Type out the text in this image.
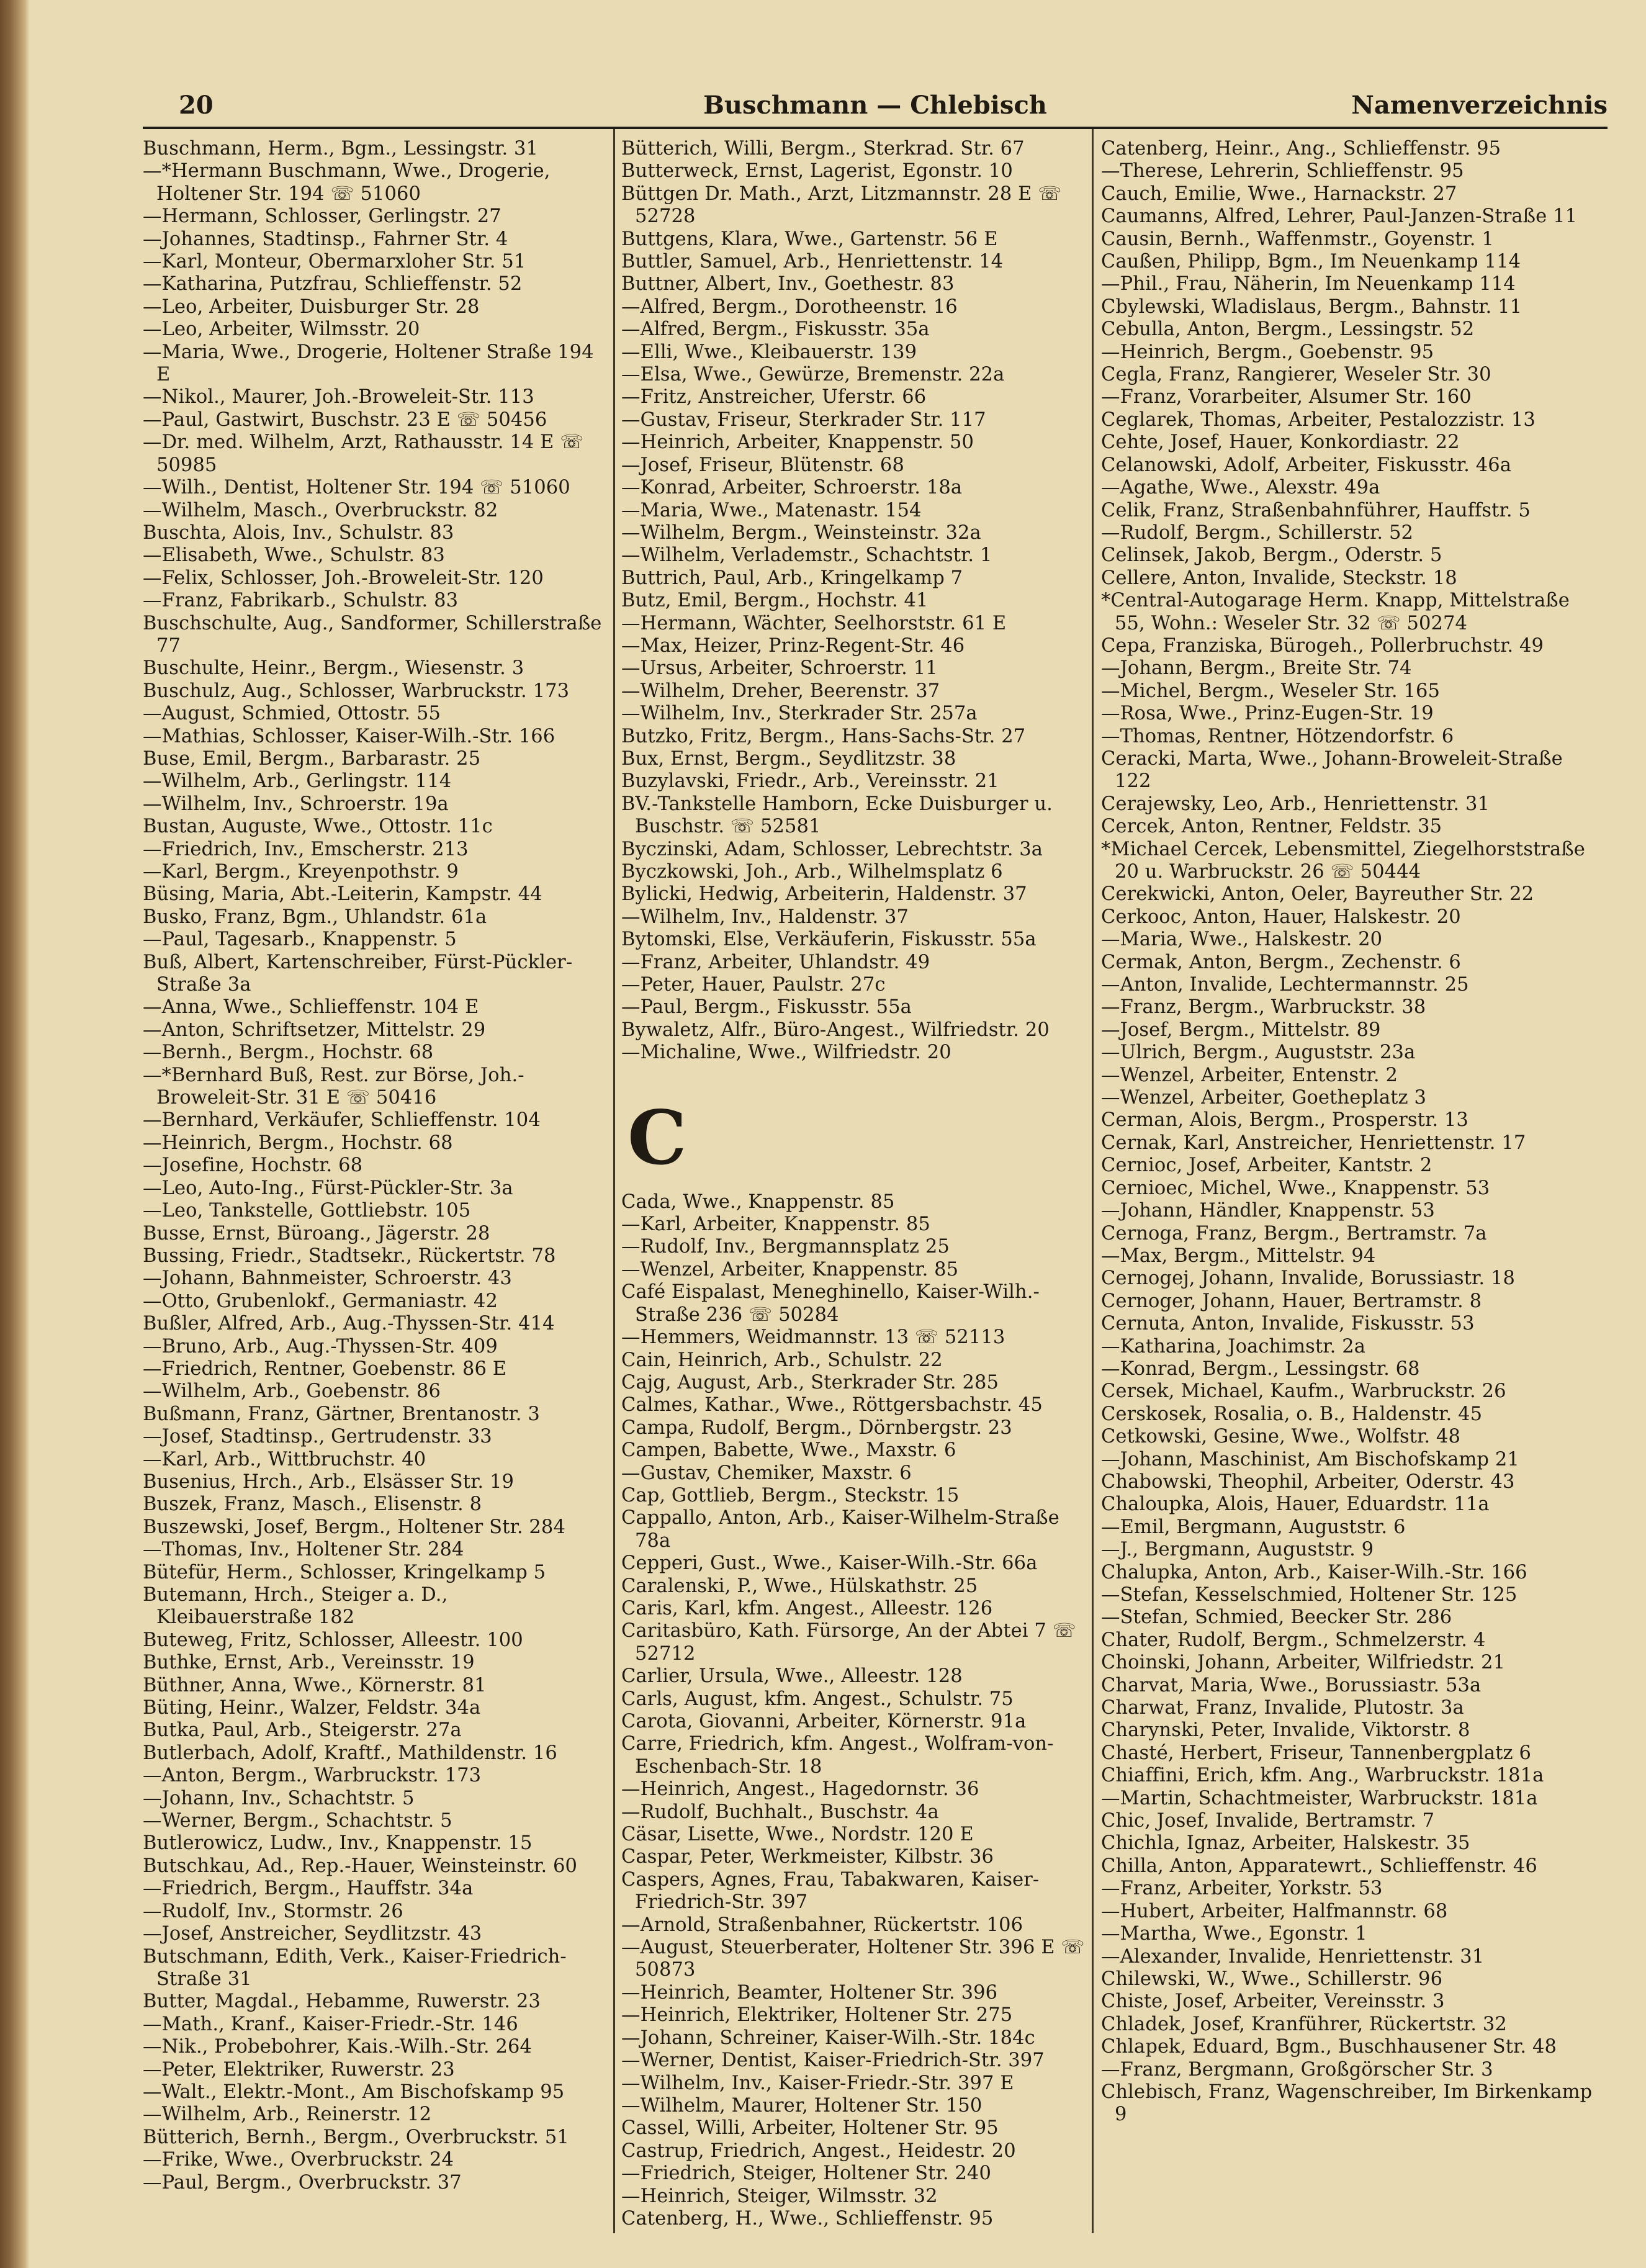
20	Buschmann — Chlebisch	Namenverzeichnis
Buschmann, Herm., Bgm., Lessingstr. 31
—*Hermann Buschmann, Wwe., Drogerie, Holtener Str. 194 ☏ 51060
—Hermann, Schlosser, Gerlingstr. 27
—Johannes, Stadtinsp., Fahrner Str. 4
—Karl, Monteur, Obermarxloher Str. 51
—Katharina, Putzfrau, Schlieffenstr. 52
—Leo, Arbeiter, Duisburger Str. 28
—Leo, Arbeiter, Wilmsstr. 20
—Maria, Wwe., Drogerie, Holtener Straße 194 E
—Nikol., Maurer, Joh.-Broweleit-Str. 113
—Paul, Gastwirt, Buschstr. 23 E ☏ 50456
—Dr. med. Wilhelm, Arzt, Rathausstr. 14 E ☏ 50985
—Wilh., Dentist, Holtener Str. 194 ☏ 51060
—Wilhelm, Masch., Overbruckstr. 82
Buschta, Alois, Inv., Schulstr. 83
—Elisabeth, Wwe., Schulstr. 83
—Felix, Schlosser, Joh.-Broweleit-Str. 120
—Franz, Fabrikarb., Schulstr. 83
Buschschulte, Aug., Sandformer, Schillerstraße 77
Buschulte, Heinr., Bergm., Wiesenstr. 3
Buschulz, Aug., Schlosser, Warbruckstr. 173
—August, Schmied, Ottostr. 55
—Mathias, Schlosser, Kaiser-Wilh.-Str. 166
Buse, Emil, Bergm., Barbarastr. 25
—Wilhelm, Arb., Gerlingstr. 114
—Wilhelm, Inv., Schroerstr. 19a
Bustan, Auguste, Wwe., Ottostr. 11c
—Friedrich, Inv., Emscherstr. 213
—Karl, Bergm., Kreyenpothstr. 9
Büsing, Maria, Abt.-Leiterin, Kampstr. 44
Busko, Franz, Bgm., Uhlandstr. 61a
—Paul, Tagesarb., Knappenstr. 5
Buß, Albert, Kartenschreiber, Fürst-Pückler-Straße 3a
—Anna, Wwe., Schlieffenstr. 104 E
—Anton, Schriftsetzer, Mittelstr. 29
—Bernh., Bergm., Hochstr. 68
—*Bernhard Buß, Rest. zur Börse, Joh.-Broweleit-Str. 31 E ☏ 50416
—Bernhard, Verkäufer, Schlieffenstr. 104
—Heinrich, Bergm., Hochstr. 68
—Josefine, Hochstr. 68
—Leo, Auto-Ing., Fürst-Pückler-Str. 3a
—Leo, Tankstelle, Gottliebstr. 105
Busse, Ernst, Büroang., Jägerstr. 28
Bussing, Friedr., Stadtsekr., Rückertstr. 78
—Johann, Bahnmeister, Schroerstr. 43
—Otto, Grubenlokf., Germaniastr. 42
Bußler, Alfred, Arb., Aug.-Thyssen-Str. 414
—Bruno, Arb., Aug.-Thyssen-Str. 409
—Friedrich, Rentner, Goebenstr. 86 E
—Wilhelm, Arb., Goebenstr. 86
Bußmann, Franz, Gärtner, Brentanostr. 3
—Josef, Stadtinsp., Gertrudenstr. 33
—Karl, Arb., Wittbruchstr. 40
Busenius, Hrch., Arb., Elsässer Str. 19
Buszek, Franz, Masch., Elisenstr. 8
Buszewski, Josef, Bergm., Holtener Str. 284
—Thomas, Inv., Holtener Str. 284
Bütefür, Herm., Schlosser, Kringelkamp 5
Butemann, Hrch., Steiger a. D., Kleibauerstraße 182
Buteweg, Fritz, Schlosser, Alleestr. 100
Buthke, Ernst, Arb., Vereinsstr. 19
Büthner, Anna, Wwe., Körnerstr. 81
Büting, Heinr., Walzer, Feldstr. 34a
Butka, Paul, Arb., Steigerstr. 27a
Butlerbach, Adolf, Kraftf., Mathildenstr. 16
—Anton, Bergm., Warbruckstr. 173
—Johann, Inv., Schachtstr. 5
—Werner, Bergm., Schachtstr. 5
Butlerowicz, Ludw., Inv., Knappenstr. 15
Butschkau, Ad., Rep.-Hauer, Weinsteinstr. 60
—Friedrich, Bergm., Hauffstr. 34a
—Rudolf, Inv., Stormstr. 26
—Josef, Anstreicher, Seydlitzstr. 43
Butschmann, Edith, Verk., Kaiser-Friedrich-Straße 31
Butter, Magdal., Hebamme, Ruwerstr. 23
—Math., Kranf., Kaiser-Friedr.-Str. 146
—Nik., Probebohrer, Kais.-Wilh.-Str. 264
—Peter, Elektriker, Ruwerstr. 23
—Walt., Elektr.-Mont., Am Bischofskamp 95
—Wilhelm, Arb., Reinerstr. 12
Bütterich, Bernh., Bergm., Overbruckstr. 51
—Frike, Wwe., Overbruckstr. 24
—Paul, Bergm., Overbruckstr. 37
Bütterich, Willi, Bergm., Sterkrad. Str. 67
Butterweck, Ernst, Lagerist, Egonstr. 10
Büttgen Dr. Math., Arzt, Litzmannstr. 28 E ☏ 52728
Buttgens, Klara, Wwe., Gartenstr. 56 E
Buttler, Samuel, Arb., Henriettenstr. 14
Buttner, Albert, Inv., Goethestr. 83
—Alfred, Bergm., Dorotheenstr. 16
—Alfred, Bergm., Fiskusstr. 35a
—Elli, Wwe., Kleibauerstr. 139
—Elsa, Wwe., Gewürze, Bremenstr. 22a
—Fritz, Anstreicher, Uferstr. 66
—Gustav, Friseur, Sterkrader Str. 117
—Heinrich, Arbeiter, Knappenstr. 50
—Josef, Friseur, Blütenstr. 68
—Konrad, Arbeiter, Schroerstr. 18a
—Maria, Wwe., Matenastr. 154
—Wilhelm, Bergm., Weinsteinstr. 32a
—Wilhelm, Verlademstr., Schachtstr. 1
Buttrich, Paul, Arb., Kringelkamp 7
Butz, Emil, Bergm., Hochstr. 41
—Hermann, Wächter, Seelhorststr. 61 E
—Max, Heizer, Prinz-Regent-Str. 46
—Ursus, Arbeiter, Schroerstr. 11
—Wilhelm, Dreher, Beerenstr. 37
—Wilhelm, Inv., Sterkrader Str. 257a
Butzko, Fritz, Bergm., Hans-Sachs-Str. 27
Bux, Ernst, Bergm., Seydlitzstr. 38
Buzylavski, Friedr., Arb., Vereinsstr. 21
BV.-Tankstelle Hamborn, Ecke Duisburger u. Buschstr. ☏ 52581
Byczinski, Adam, Schlosser, Lebrechtstr. 3a
Byczkowski, Joh., Arb., Wilhelmsplatz 6
Bylicki, Hedwig, Arbeiterin, Haldenstr. 37
—Wilhelm, Inv., Haldenstr. 37
Bytomski, Else, Verkäuferin, Fiskusstr. 55a
—Franz, Arbeiter, Uhlandstr. 49
—Peter, Hauer, Paulstr. 27c
—Paul, Bergm., Fiskusstr. 55a
Bywaletz, Alfr., Büro-Angest., Wilfriedstr. 20
—Michaline, Wwe., Wilfriedstr. 20
C
Cada, Wwe., Knappenstr. 85
—Karl, Arbeiter, Knappenstr. 85
—Rudolf, Inv., Bergmannsplatz 25
—Wenzel, Arbeiter, Knappenstr. 85
Café Eispalast, Meneghinello, Kaiser-Wilh.-Straße 236 ☏ 50284
—Hemmers, Weidmannstr. 13 ☏ 52113
Cain, Heinrich, Arb., Schulstr. 22
Cajg, August, Arb., Sterkrader Str. 285
Calmes, Kathar., Wwe., Röttgersbachstr. 45
Campa, Rudolf, Bergm., Dörnbergstr. 23
Campen, Babette, Wwe., Maxstr. 6
—Gustav, Chemiker, Maxstr. 6
Cap, Gottlieb, Bergm., Steckstr. 15
Cappallo, Anton, Arb., Kaiser-Wilhelm-Straße 78a
Cepperi, Gust., Wwe., Kaiser-Wilh.-Str. 66a
Caralenski, P., Wwe., Hülskathstr. 25
Caris, Karl, kfm. Angest., Alleestr. 126
Caritasbüro, Kath. Fürsorge, An der Abtei 7 ☏ 52712
Carlier, Ursula, Wwe., Alleestr. 128
Carls, August, kfm. Angest., Schulstr. 75
Carota, Giovanni, Arbeiter, Körnerstr. 91a
Carre, Friedrich, kfm. Angest., Wolfram-von-Eschenbach-Str. 18
—Heinrich, Angest., Hagedornstr. 36
—Rudolf, Buchhalt., Buschstr. 4a
Cäsar, Lisette, Wwe., Nordstr. 120 E
Caspar, Peter, Werkmeister, Kilbstr. 36
Caspers, Agnes, Frau, Tabakwaren, Kaiser-Friedrich-Str. 397
—Arnold, Straßenbahner, Rückertstr. 106
—August, Steuerberater, Holtener Str. 396 E ☏ 50873
—Heinrich, Beamter, Holtener Str. 396
—Heinrich, Elektriker, Holtener Str. 275
—Johann, Schreiner, Kaiser-Wilh.-Str. 184c
—Werner, Dentist, Kaiser-Friedrich-Str. 397
—Wilhelm, Inv., Kaiser-Friedr.-Str. 397 E
—Wilhelm, Maurer, Holtener Str. 150
Cassel, Willi, Arbeiter, Holtener Str. 95
Castrup, Friedrich, Angest., Heidestr. 20
—Friedrich, Steiger, Holtener Str. 240
—Heinrich, Steiger, Wilmsstr. 32
Catenberg, H., Wwe., Schlieffenstr. 95
Catenberg, Heinr., Ang., Schlieffenstr. 95
—Therese, Lehrerin, Schlieffenstr. 95
Cauch, Emilie, Wwe., Harnackstr. 27
Caumanns, Alfred, Lehrer, Paul-Janzen-Straße 11
Causin, Bernh., Waffenmstr., Goyenstr. 1
Caußen, Philipp, Bgm., Im Neuenkamp 114
—Phil., Frau, Näherin, Im Neuenkamp 114
Cbylewski, Wladislaus, Bergm., Bahnstr. 11
Cebulla, Anton, Bergm., Lessingstr. 52
—Heinrich, Bergm., Goebenstr. 95
Cegla, Franz, Rangierer, Weseler Str. 30
—Franz, Vorarbeiter, Alsumer Str. 160
Ceglarek, Thomas, Arbeiter, Pestalozzistr. 13
Cehte, Josef, Hauer, Konkordiastr. 22
Celanowski, Adolf, Arbeiter, Fiskusstr. 46a
—Agathe, Wwe., Alexstr. 49a
Celik, Franz, Straßenbahnführer, Hauffstr. 5
—Rudolf, Bergm., Schillerstr. 52
Celinsek, Jakob, Bergm., Oderstr. 5
Cellere, Anton, Invalide, Steckstr. 18
*Central-Autogarage Herm. Knapp, Mittelstraße 55, Wohn.: Weseler Str. 32 ☏ 50274
Cepa, Franziska, Bürogeh., Pollerbruchstr. 49
—Johann, Bergm., Breite Str. 74
—Michel, Bergm., Weseler Str. 165
—Rosa, Wwe., Prinz-Eugen-Str. 19
—Thomas, Rentner, Hötzendorfstr. 6
Ceracki, Marta, Wwe., Johann-Broweleit-Straße 122
Cerajewsky, Leo, Arb., Henriettenstr. 31
Cercek, Anton, Rentner, Feldstr. 35
*Michael Cercek, Lebensmittel, Ziegelhorststraße 20 u. Warbruckstr. 26 ☏ 50444
Cerekwicki, Anton, Oeler, Bayreuther Str. 22
Cerkooc, Anton, Hauer, Halskestr. 20
—Maria, Wwe., Halskestr. 20
Cermak, Anton, Bergm., Zechenstr. 6
—Anton, Invalide, Lechtermannstr. 25
—Franz, Bergm., Warbruckstr. 38
—Josef, Bergm., Mittelstr. 89
—Ulrich, Bergm., Auguststr. 23a
—Wenzel, Arbeiter, Entenstr. 2
—Wenzel, Arbeiter, Goetheplatz 3
Cerman, Alois, Bergm., Prosperstr. 13
Cernak, Karl, Anstreicher, Henriettenstr. 17
Cernioc, Josef, Arbeiter, Kantstr. 2
Cernioec, Michel, Wwe., Knappenstr. 53
—Johann, Händler, Knappenstr. 53
Cernoga, Franz, Bergm., Bertramstr. 7a
—Max, Bergm., Mittelstr. 94
Cernogej, Johann, Invalide, Borussiastr. 18
Cernoger, Johann, Hauer, Bertramstr. 8
Cernuta, Anton, Invalide, Fiskusstr. 53
—Katharina, Joachimstr. 2a
—Konrad, Bergm., Lessingstr. 68
Cersek, Michael, Kaufm., Warbruckstr. 26
Cerskosek, Rosalia, o. B., Haldenstr. 45
Cetkowski, Gesine, Wwe., Wolfstr. 48
—Johann, Maschinist, Am Bischofskamp 21
Chabowski, Theophil, Arbeiter, Oderstr. 43
Chaloupka, Alois, Hauer, Eduardstr. 11a
—Emil, Bergmann, Auguststr. 6
—J., Bergmann, Auguststr. 9
Chalupka, Anton, Arb., Kaiser-Wilh.-Str. 166
—Stefan, Kesselschmied, Holtener Str. 125
—Stefan, Schmied, Beecker Str. 286
Chater, Rudolf, Bergm., Schmelzerstr. 4
Choinski, Johann, Arbeiter, Wilfriedstr. 21
Charvat, Maria, Wwe., Borussiastr. 53a
Charwat, Franz, Invalide, Plutostr. 3a
Charynski, Peter, Invalide, Viktorstr. 8
Chasté, Herbert, Friseur, Tannenbergplatz 6
Chiaffini, Erich, kfm. Ang., Warbruckstr. 181a
—Martin, Schachtmeister, Warbruckstr. 181a
Chic, Josef, Invalide, Bertramstr. 7
Chichla, Ignaz, Arbeiter, Halskestr. 35
Chilla, Anton, Apparatewrt., Schlieffenstr. 46
—Franz, Arbeiter, Yorkstr. 53
—Hubert, Arbeiter, Halfmannstr. 68
—Martha, Wwe., Egonstr. 1
—Alexander, Invalide, Henriettenstr. 31
Chilewski, W., Wwe., Schillerstr. 96
Chiste, Josef, Arbeiter, Vereinsstr. 3
Chladek, Josef, Kranführer, Rückertstr. 32
Chlapek, Eduard, Bgm., Buschhausener Str. 48
—Franz, Bergmann, Großgörscher Str. 3
Chlebisch, Franz, Wagenschreiber, Im Birkenkamp 9
